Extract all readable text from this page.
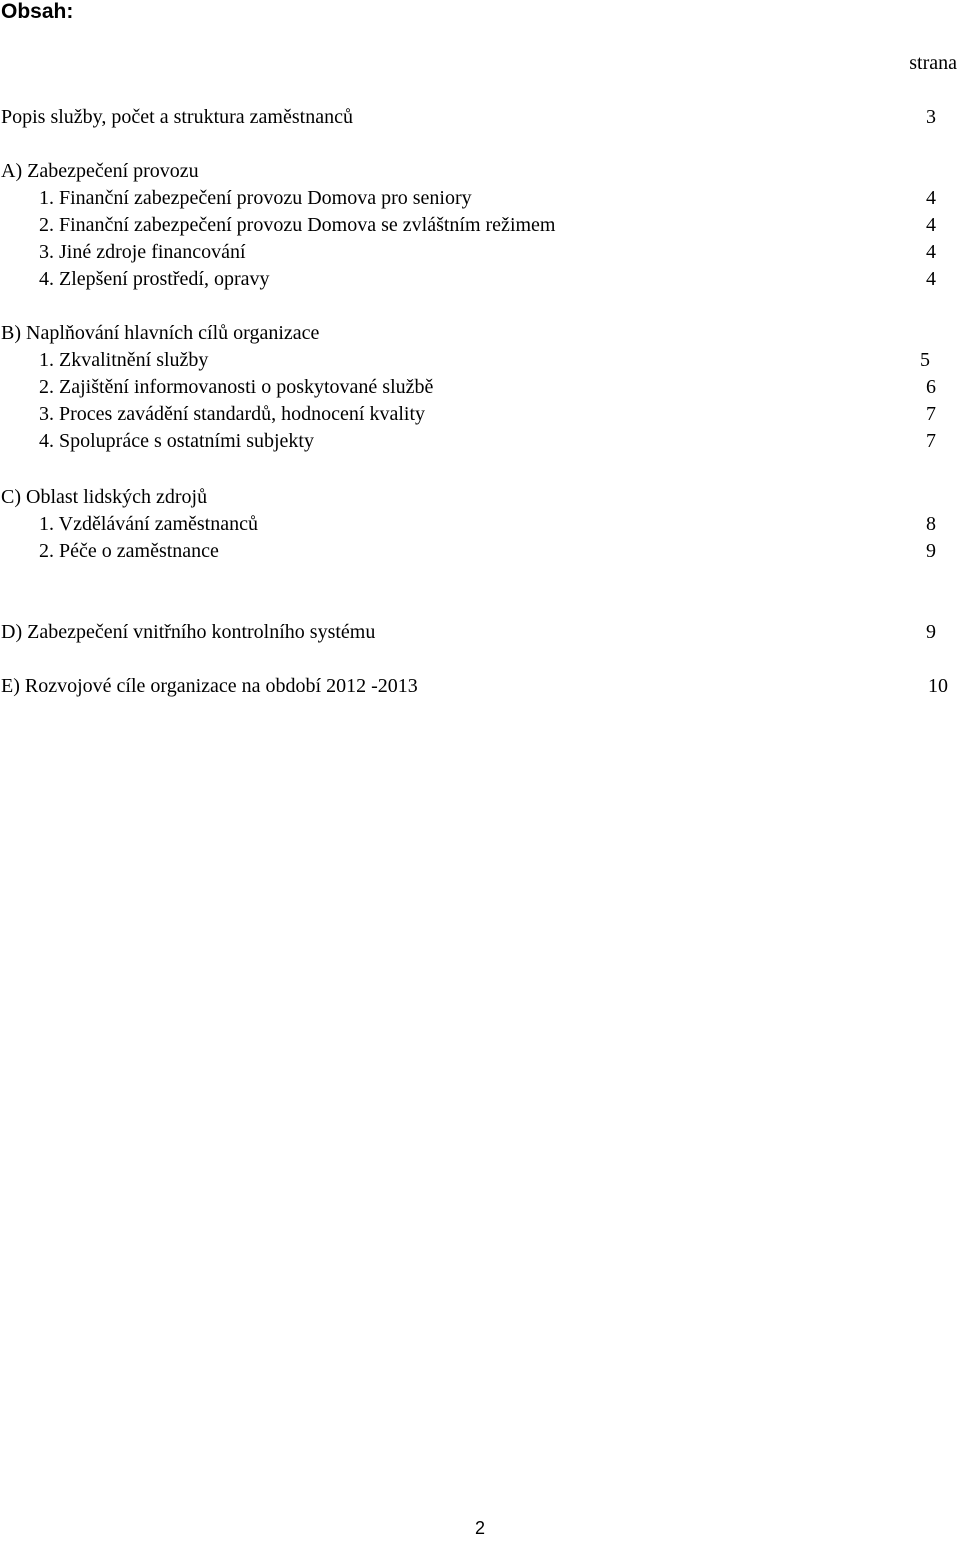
Obsah:
strana
Popis služby, počet a struktura zaměstnanců	3
A) Zabezpečení provozu
1. Finanční zabezpečení provozu Domova pro seniory	4
2. Finanční zabezpečení provozu Domova se zvláštním režimem	4
3. Jiné zdroje financování	4
4. Zlepšení prostředí, opravy	4
B) Naplňování hlavních cílů organizace
1. Zkvalitnění služby	5
2. Zajištění informovanosti o poskytované službě	6
3. Proces zavádění standardů, hodnocení kvality	7
4. Spolupráce s ostatními subjekty	7
C) Oblast lidských zdrojů
1. Vzdělávání zaměstnanců	8
2. Péče o zaměstnance	9
D) Zabezpečení vnitřního kontrolního systému	9
E) Rozvojové cíle organizace na období 2012 -2013	10
2
